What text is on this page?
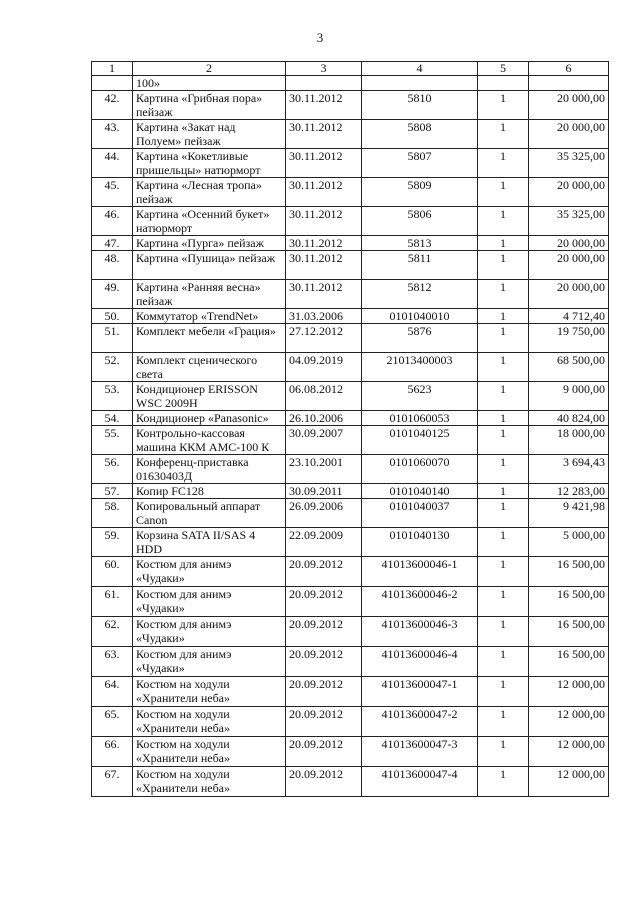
3
1	2	3	4	5	6
	100»				
42.	Картина «Грибная пора» пейзаж	30.11.2012	5810	1	20 000,00
43.	Картина «Закат над Полуем» пейзаж	30.11.2012	5808	1	20 000,00
44.	Картина «Кокетливые пришельцы» натюрморт	30.11.2012	5807	1	35 325,00
45.	Картина «Лесная тропа» пейзаж	30.11.2012	5809	1	20 000,00
46.	Картина «Осенний букет» натюрморт	30.11.2012	5806	1	35 325,00
47.	Картина «Пурга» пейзаж	30.11.2012	5813	1	20 000,00
48.	Картина «Пушица» пейзаж	30.11.2012	5811	1	20 000,00
49.	Картина «Ранняя весна» пейзаж	30.11.2012	5812	1	20 000,00
50.	Коммутатор «TrendNet»	31.03.2006	0101040010	1	4 712,40
51.	Комплект мебели «Грация»	27.12.2012	5876	1	19 750,00
52.	Комплект сценического света	04.09.2019	21013400003	1	68 500,00
53.	Кондиционер ERISSON WSC 2009H	06.08.2012	5623	1	9 000,00
54.	Кондиционер «Panasonic»	26.10.2006	0101060053	1	40 824,00
55.	Контрольно-кассовая машина ККМ АМС-100 К	30.09.2007	0101040125	1	18 000,00
56.	Конференц-приставка 01630403Д	23.10.2001	0101060070	1	3 694,43
57.	Копир FC128	30.09.2011	0101040140	1	12 283,00
58.	Копировальный аппарат Canon	26.09.2006	0101040037	1	9 421,98
59.	Корзина SATA II/SAS 4 HDD	22.09.2009	0101040130	1	5 000,00
60.	Костюм для анимэ «Чудаки»	20.09.2012	41013600046-1	1	16 500,00
61.	Костюм для анимэ «Чудаки»	20.09.2012	41013600046-2	1	16 500,00
62.	Костюм для анимэ «Чудаки»	20.09.2012	41013600046-3	1	16 500,00
63.	Костюм для анимэ «Чудаки»	20.09.2012	41013600046-4	1	16 500,00
64.	Костюм на ходули «Хранители неба»	20.09.2012	41013600047-1	1	12 000,00
65.	Костюм на ходули «Хранители неба»	20.09.2012	41013600047-2	1	12 000,00
66.	Костюм на ходули «Хранители неба»	20.09.2012	41013600047-3	1	12 000,00
67.	Костюм на ходули «Хранители неба»	20.09.2012	41013600047-4	1	12 000,00
